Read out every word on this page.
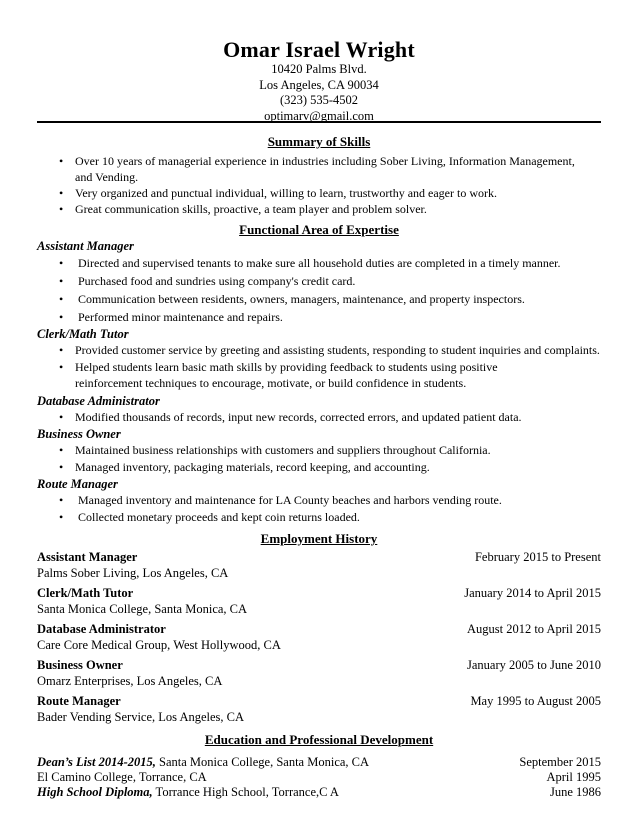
Omar Israel Wright
10420 Palms Blvd.
Los Angeles, CA 90034
(323) 535-4502
optimarv@gmail.com
Summary of Skills
• Over 10 years of managerial experience in industries including Sober Living, Information Management, and Vending.
• Very organized and punctual individual, willing to learn, trustworthy and eager to work.
• Great communication skills, proactive, a team player and problem solver.
Functional Area of Expertise
Assistant Manager
• Directed and supervised tenants to make sure all household duties are completed in a timely manner.
• Purchased food and sundries using company's credit card.
• Communication between residents, owners, managers, maintenance, and property inspectors.
• Performed minor maintenance and repairs.
Clerk/Math Tutor
• Provided customer service by greeting and assisting students, responding to student inquiries and complaints.
• Helped students learn basic math skills by providing feedback to students using positive reinforcement techniques to encourage, motivate, or build confidence in students.
Database Administrator
• Modified thousands of records, input new records, corrected errors, and updated patient data.
Business Owner
• Maintained business relationships with customers and suppliers throughout California.
• Managed inventory, packaging materials, record keeping, and accounting.
Route Manager
• Managed inventory and maintenance for LA County beaches and harbors vending route.
• Collected monetary proceeds and kept coin returns loaded.
Employment History
Assistant Manager	February 2015 to Present
Palms Sober Living, Los Angeles, CA
Clerk/Math Tutor	January 2014 to April 2015
Santa Monica College, Santa Monica, CA
Database Administrator	August 2012 to April 2015
Care Core Medical Group, West Hollywood, CA
Business Owner	January 2005 to June 2010
Omarz Enterprises, Los Angeles, CA
Route Manager	May 1995 to August 2005
Bader Vending Service, Los Angeles, CA
Education and Professional Development
Dean’s List 2014-2015, Santa Monica College, Santa Monica, CA	September 2015
El Camino College, Torrance, CA	April 1995
High School Diploma, Torrance High School, Torrance,C A	June 1986
